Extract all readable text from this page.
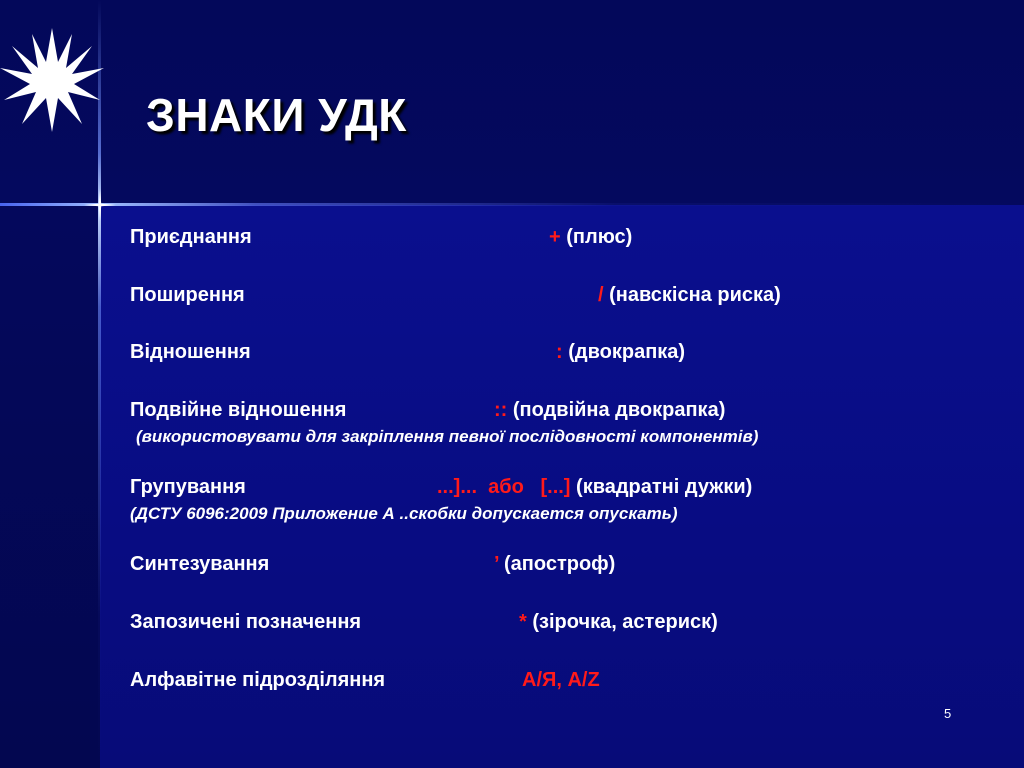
ЗНАКИ УДК
Приєднання	+ (плюс)
Поширення	/ (навскісна риска)
Відношення	: (двокрапка)
Подвійне відношення	:: (подвійна двокрапка)
(використовувати для закріплення певної послідовності компонентів)
Групування	...]...  або   [...] (квадратні дужки)
(ДСТУ 6096:2009 Приложение А ..скобки допускается опускать)
Синтезування	’ (апостроф)
Запозичені позначення	* (зірочка, астериск)
Алфавітне підрозділяння	A/Я, A/Z
5
